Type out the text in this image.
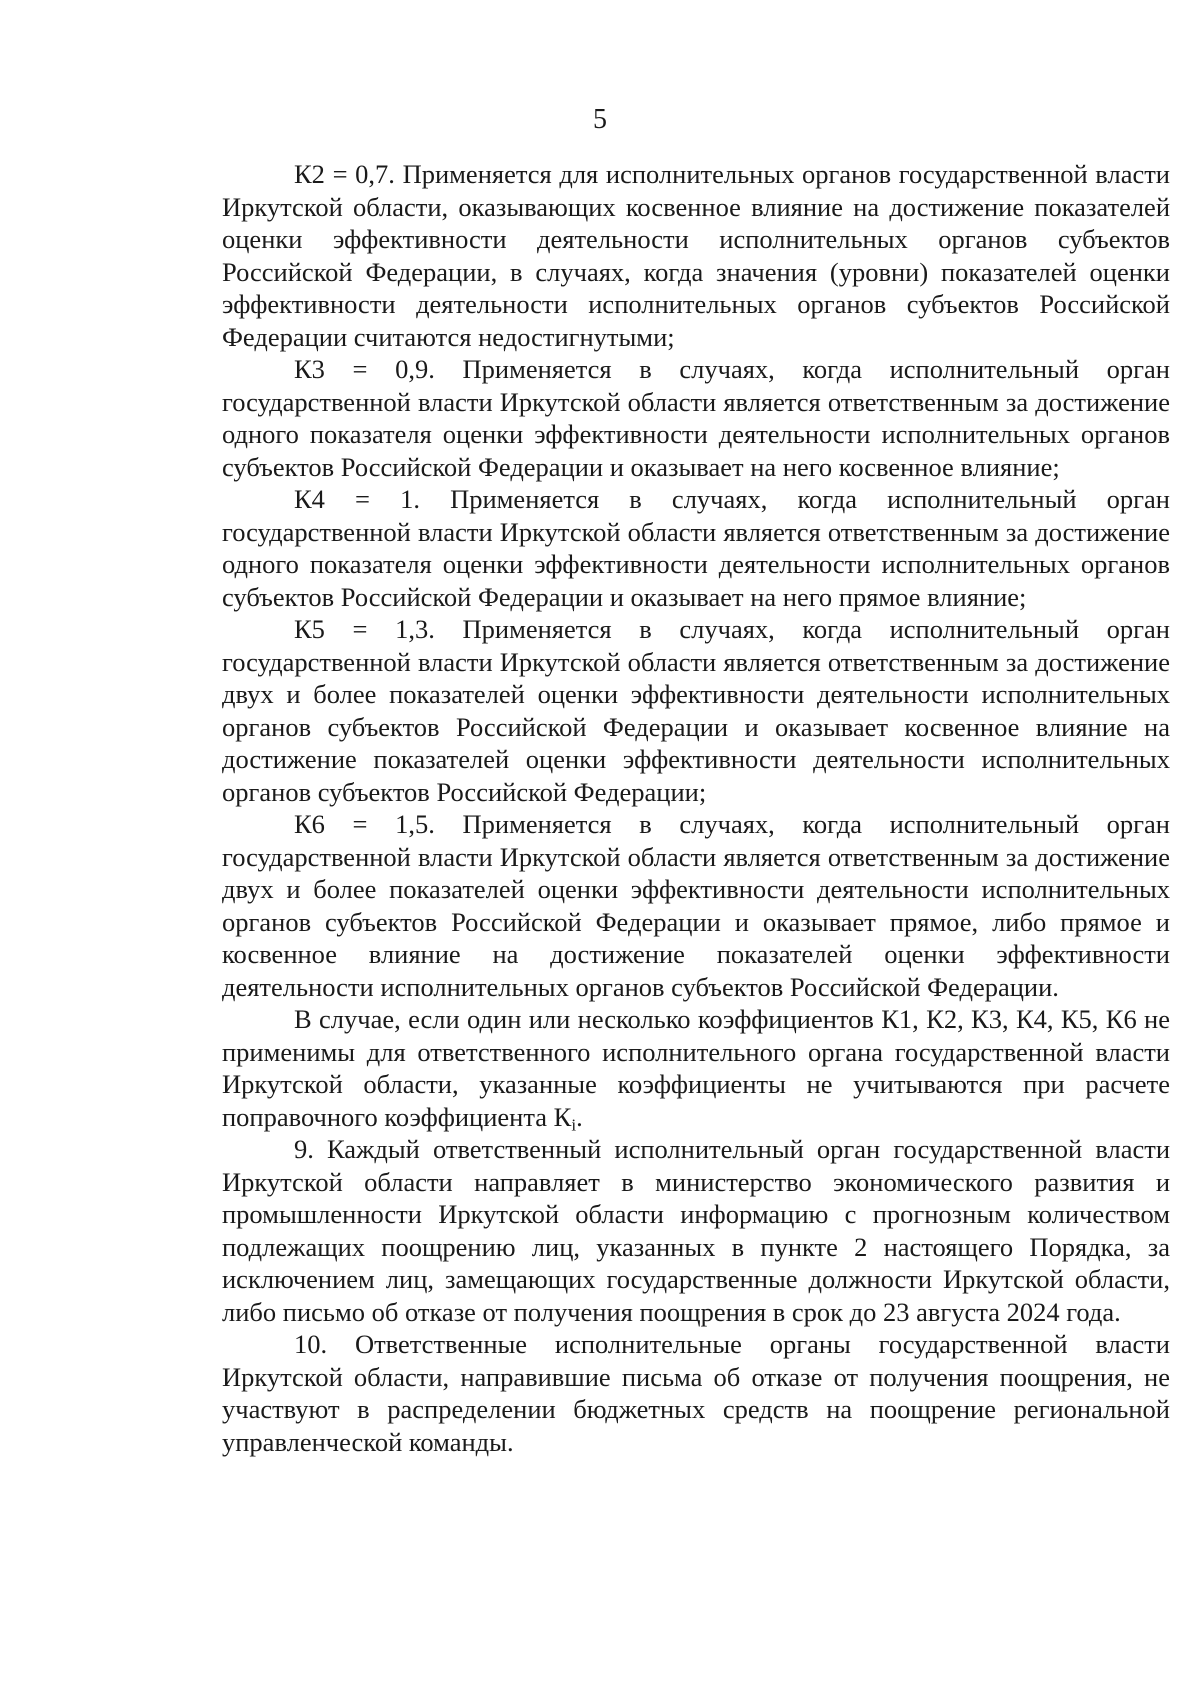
5

К2 = 0,7. Применяется для исполнительных органов государственной власти Иркутской области, оказывающих косвенное влияние на достижение показателей оценки эффективности деятельности исполнительных органов субъектов Российской Федерации, в случаях, когда значения (уровни) показателей оценки эффективности деятельности исполнительных органов субъектов Российской Федерации считаются недостигнутыми;

К3 = 0,9. Применяется в случаях, когда исполнительный орган государственной власти Иркутской области является ответственным за достижение одного показателя оценки эффективности деятельности исполнительных органов субъектов Российской Федерации и оказывает на него косвенное влияние;

К4 = 1. Применяется в случаях, когда исполнительный орган государственной власти Иркутской области является ответственным за достижение одного показателя оценки эффективности деятельности исполнительных органов субъектов Российской Федерации и оказывает на него прямое влияние;

К5 = 1,3. Применяется в случаях, когда исполнительный орган государственной власти Иркутской области является ответственным за достижение двух и более показателей оценки эффективности деятельности исполнительных органов субъектов Российской Федерации и оказывает косвенное влияние на достижение показателей оценки эффективности деятельности исполнительных органов субъектов Российской Федерации;

К6 = 1,5. Применяется в случаях, когда исполнительный орган государственной власти Иркутской области является ответственным за достижение двух и более показателей оценки эффективности деятельности исполнительных органов субъектов Российской Федерации и оказывает прямое, либо прямое и косвенное влияние на достижение показателей оценки эффективности деятельности исполнительных органов субъектов Российской Федерации.

В случае, если один или несколько коэффициентов К1, К2, К3, К4, К5, К6 не применимы для ответственного исполнительного органа государственной власти Иркутской области, указанные коэффициенты не учитываются при расчете поправочного коэффициента $К_i$.

9. Каждый ответственный исполнительный орган государственной власти Иркутской области направляет в министерство экономического развития и промышленности Иркутской области информацию с прогнозным количеством подлежащих поощрению лиц, указанных в пункте 2 настоящего Порядка, за исключением лиц, замещающих государственные должности Иркутской области, либо письмо об отказе от получения поощрения в срок до 23 августа 2024 года.

10. Ответственные исполнительные органы государственной власти Иркутской области, направившие письма об отказе от получения поощрения, не участвуют в распределении бюджетных средств на поощрение региональной управленческой команды.
